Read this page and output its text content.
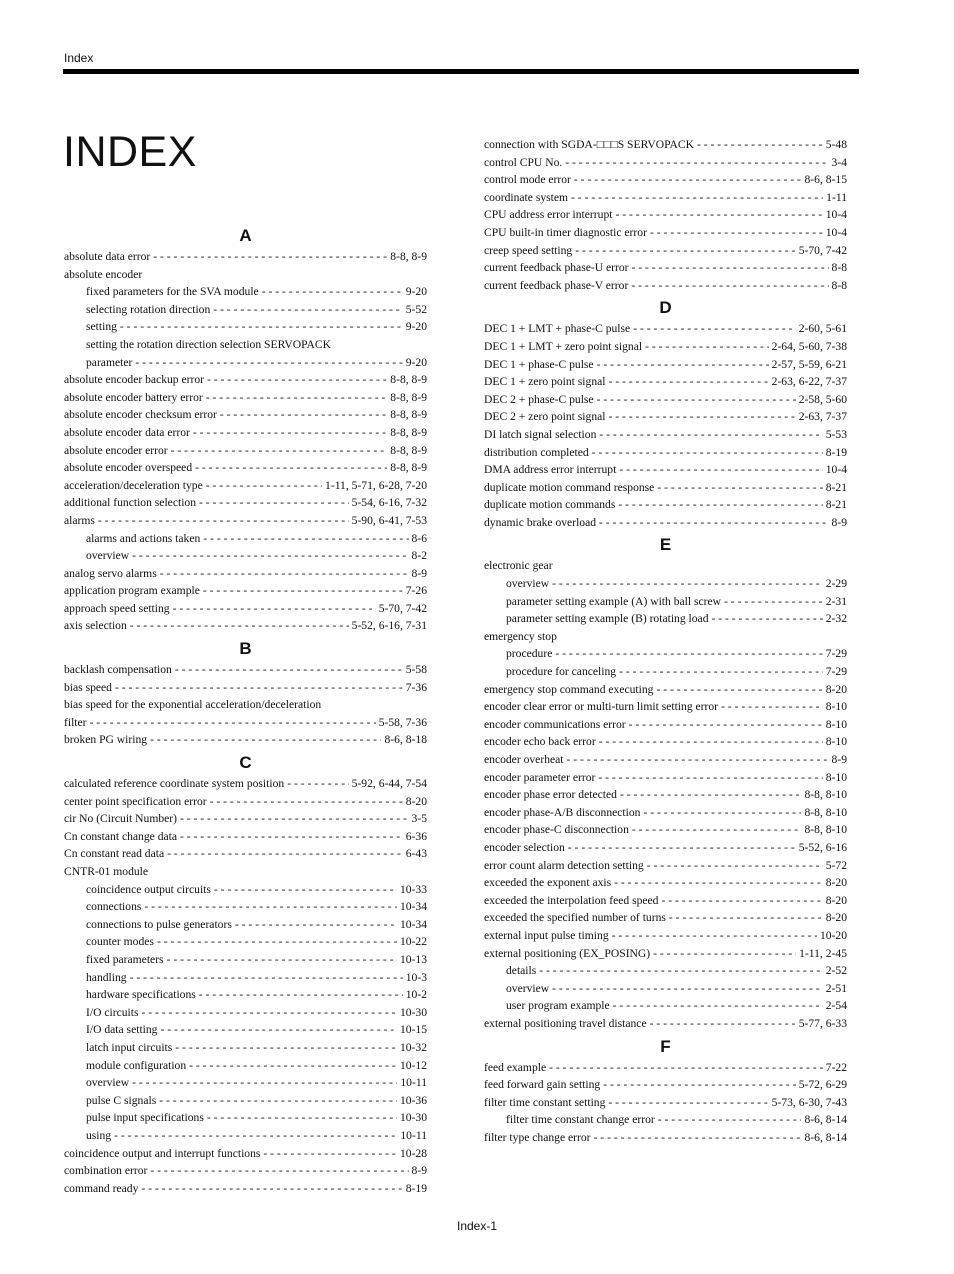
Index
INDEX
A
absolute data error - - -	8-8, 8-9
absolute encoder
fixed parameters for the SVA module - - -	9-20
selecting rotation direction - - -	5-52
setting - - -	9-20
setting the rotation direction selection SERVOPACK
parameter - - -	9-20
absolute encoder backup error - - -	8-8, 8-9
absolute encoder battery error - - -	8-8, 8-9
absolute encoder checksum error - - -	8-8, 8-9
absolute encoder data error - - -	8-8, 8-9
absolute encoder error - - -	8-8, 8-9
absolute encoder overspeed - - -	8-8, 8-9
acceleration/deceleration type - - -	1-11, 5-71, 6-28, 7-20
additional function selection - - -	5-54, 6-16, 7-32
alarms - - -	5-90, 6-41, 7-53
alarms and actions taken - - -	8-6
overview - - -	8-2
analog servo alarms - - -	8-9
application program example - - -	7-26
approach speed setting - - -	5-70, 7-42
axis selection - - -	5-52, 6-16, 7-31
B
backlash compensation - - -	5-58
bias speed - - -	7-36
bias speed for the exponential acceleration/deceleration
filter - - -	5-58, 7-36
broken PG wiring - - -	8-6, 8-18
C
calculated reference coordinate system position - - -	5-92, 6-44, 7-54
center point specification error - - -	8-20
cir No (Circuit Number) - - -	3-5
Cn constant change data - - -	6-36
Cn constant read data - - -	6-43
CNTR-01 module
coincidence output circuits - - -	10-33
connections - - -	10-34
connections to pulse generators - - -	10-34
counter modes - - -	10-22
fixed parameters - - -	10-13
handling - - -	10-3
hardware specifications - - -	10-2
I/O circuits - - -	10-30
I/O data setting - - -	10-15
latch input circuits - - -	10-32
module configuration - - -	10-12
overview - - -	10-11
pulse C signals - - -	10-36
pulse input specifications - - -	10-30
using - - -	10-11
coincidence output and interrupt functions - - -	10-28
combination error - - -	8-9
command ready - - -	8-19
connection with SGDA-□□□S SERVOPACK - - -	5-48
control CPU No. - - -	3-4
control mode error - - -	8-6, 8-15
coordinate system - - -	1-11
CPU address error interrupt - - -	10-4
CPU built-in timer diagnostic error - - -	10-4
creep speed setting - - -	5-70, 7-42
current feedback phase-U error - - -	8-8
current feedback phase-V error - - -	8-8
D
DEC 1 + LMT + phase-C pulse - - -	2-60, 5-61
DEC 1 + LMT + zero point signal - - -	2-64, 5-60, 7-38
DEC 1 + phase-C pulse - - -	2-57, 5-59, 6-21
DEC 1 + zero point signal - - -	2-63, 6-22, 7-37
DEC 2 + phase-C pulse - - -	2-58, 5-60
DEC 2 + zero point signal - - -	2-63, 7-37
DI latch signal selection - - -	5-53
distribution completed - - -	8-19
DMA address error interrupt - - -	10-4
duplicate motion command response - - -	8-21
duplicate motion commands - - -	8-21
dynamic brake overload - - -	8-9
E
electronic gear
overview - - -	2-29
parameter setting example (A) with ball screw - - -	2-31
parameter setting example (B) rotating load - - -	2-32
emergency stop
procedure - - -	7-29
procedure for canceling - - -	7-29
emergency stop command executing - - -	8-20
encoder clear error or multi-turn limit setting error - - -	8-10
encoder communications error - - -	8-10
encoder echo back error - - -	8-10
encoder overheat - - -	8-9
encoder parameter error - - -	8-10
encoder phase error detected - - -	8-8, 8-10
encoder phase-A/B disconnection - - -	8-8, 8-10
encoder phase-C disconnection - - -	8-8, 8-10
encoder selection - - -	5-52, 6-16
error count alarm detection setting - - -	5-72
exceeded the exponent axis - - -	8-20
exceeded the interpolation feed speed - - -	8-20
exceeded the specified number of turns - - -	8-20
external input pulse timing - - -	10-20
external positioning (EX_POSING) - - -	1-11, 2-45
details - - -	2-52
overview - - -	2-51
user program example - - -	2-54
external positioning travel distance - - -	5-77, 6-33
F
feed example - - -	7-22
feed forward gain setting - - -	5-72, 6-29
filter time constant setting - - -	5-73, 6-30, 7-43
filter time constant change error - - -	8-6, 8-14
filter type change error - - -	8-6, 8-14
Index-1
